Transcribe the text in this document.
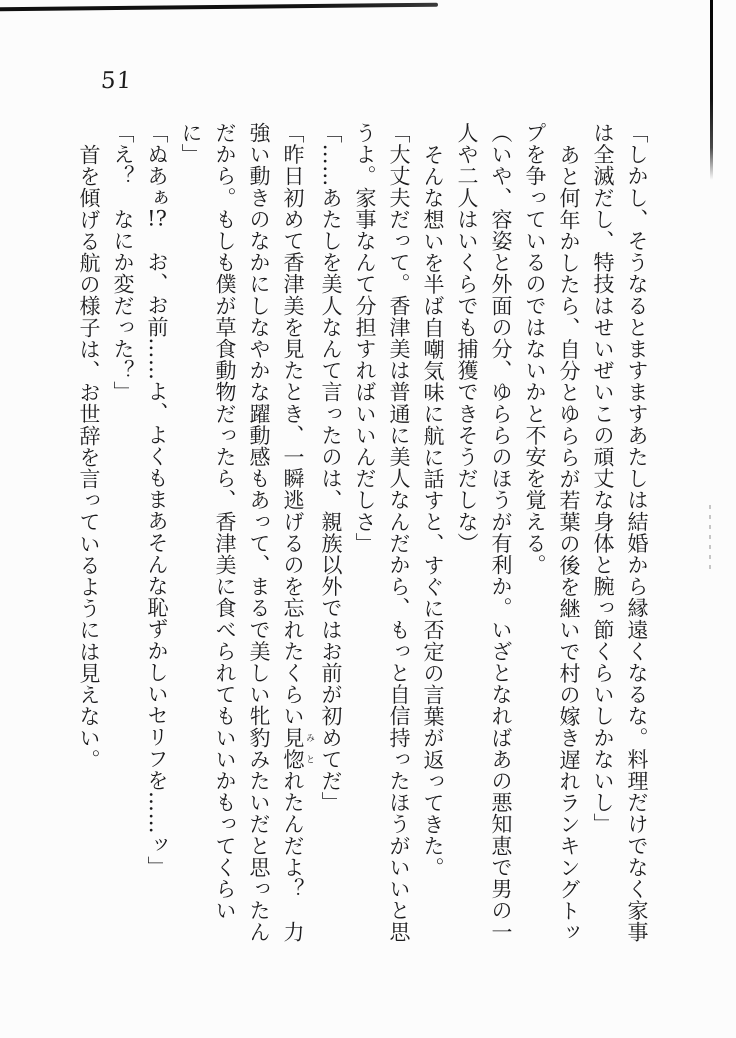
51
「しかし、そうなるとますますあたしは結婚から縁遠くなるな。料理だけでなく家事
は全滅だし、特技はせいぜいこの頑丈な身体と腕っ節くらいしかないし」
あと何年かしたら、自分とゆららが若葉の後を継いで村の嫁き遅れランキングトッ
プを争っているのではないかと不安を覚える。
（いや、容姿と外面の分、ゆららのほうが有利か。いざとなればあの悪知恵で男の一
人や二人はいくらでも捕獲できそうだしな）
そんな想いを半ば自嘲気味に航に話すと、すぐに否定の言葉が返ってきた。
「大丈夫だって。香津美は普通に美人なんだから、もっと自信持ったほうがいいと思
うよ。家事なんて分担すればいいんだしさ」
「……あたしを美人なんて言ったのは、親族以外ではお前が初めてだ」
「昨日初めて香津美を見たとき、一瞬逃げるのを忘れたくらい見惚 みとれたんだよ？　力
強い動きのなかにしなやかな躍動感もあって、まるで美しい牝豹みたいだと思ったん
だから。もしも僕が草食動物だったら、香津美に食べられてもいいかもってくらい
に」
「ぬあぁ!?　お、お前……よ、よくもまあそんな恥ずかしいセリフを……ッ」
「え？　なにか変だった？」
首を傾げる航の様子は、お世辞を言っているようには見えない。
